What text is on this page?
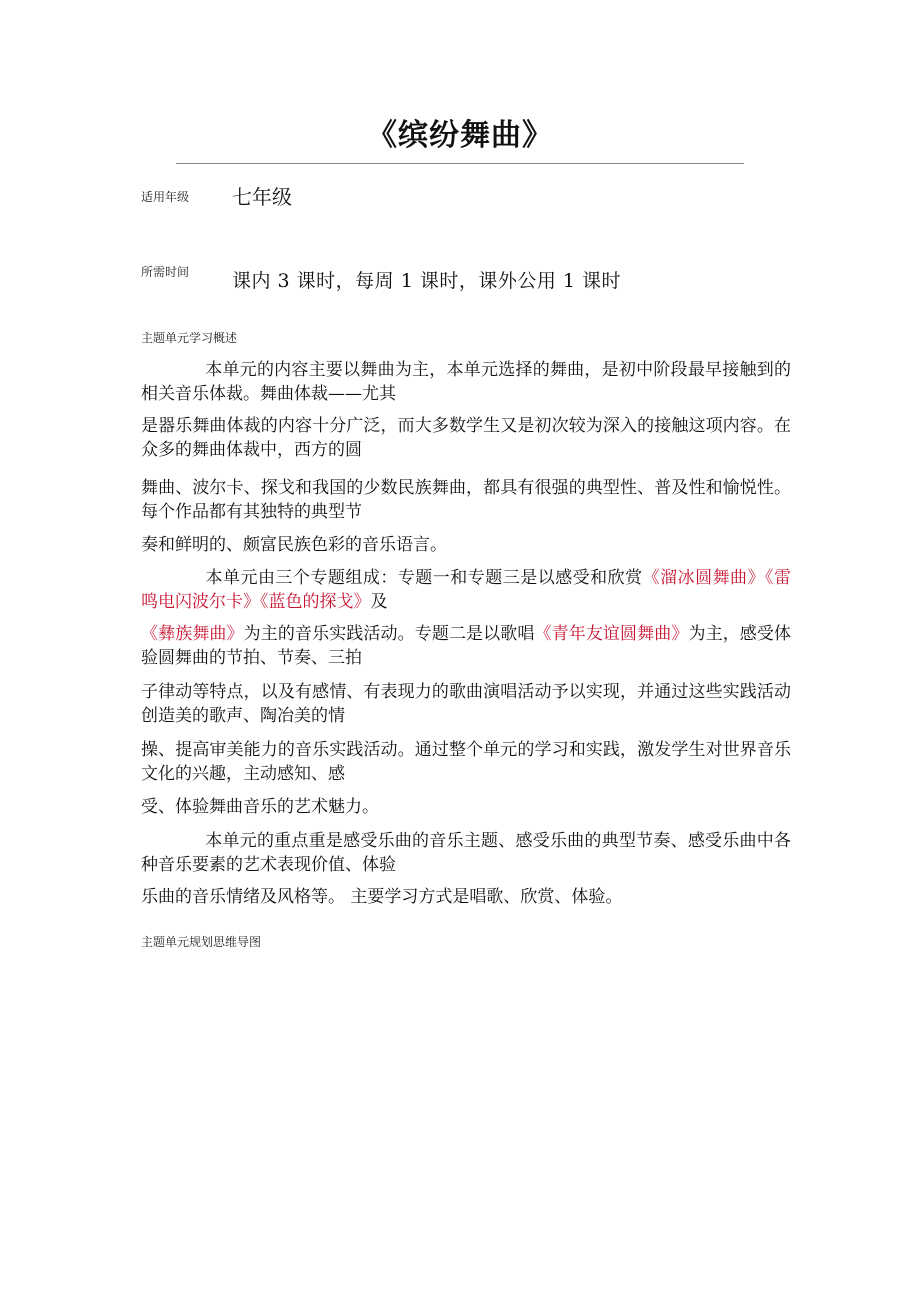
《缤纷舞曲》
适用年级 七年级
所需时间 课内 3 课时，每周 1 课时，课外公用 1 课时
主题单元学习概述
本单元的内容主要以舞曲为主，本单元选择的舞曲，是初中阶段最早接触到的相关音乐体裁。舞曲体裁——尤其
是器乐舞曲体裁的内容十分广泛，而大多数学生又是初次较为深入的接触这项内容。在众多的舞曲体裁中，西方的圆
舞曲、波尔卡、探戈和我国的少数民族舞曲，都具有很强的典型性、普及性和愉悦性。每个作品都有其独特的典型节
奏和鲜明的、颇富民族色彩的音乐语言。
本单元由三个专题组成：专题一和专题三是以感受和欣赏《溜冰圆舞曲》《雷鸣电闪波尔卡》《蓝色的探戈》及
《彝族舞曲》为主的音乐实践活动。专题二是以歌唱《青年友谊圆舞曲》为主，感受体验圆舞曲的节拍、节奏、三拍
子律动等特点，以及有感情、有表现力的歌曲演唱活动予以实现，并通过这些实践活动创造美的歌声、陶冶美的情
操、提高审美能力的音乐实践活动。通过整个单元的学习和实践，激发学生对世界音乐文化的兴趣，主动感知、感
受、体验舞曲音乐的艺术魅力。
本单元的重点重是感受乐曲的音乐主题、感受乐曲的典型节奏、感受乐曲中各种音乐要素的艺术表现价值、体验
乐曲的音乐情绪及风格等。 主要学习方式是唱歌、欣赏、体验。
主题单元规划思维导图
